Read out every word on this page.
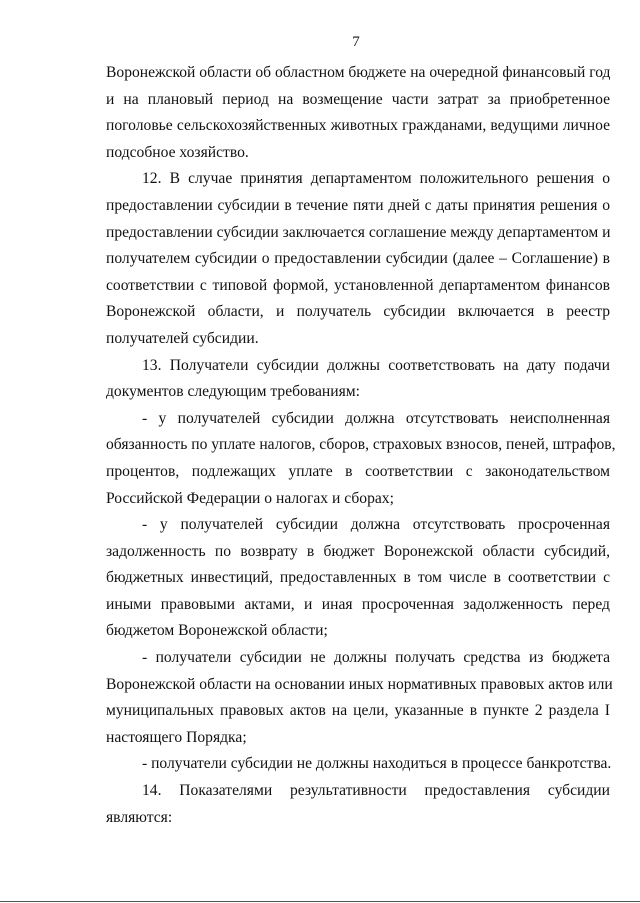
7

Воронежской области об областном бюджете на очередной финансовый год
и на плановый период на возмещение части затрат за приобретенное
поголовье сельскохозяйственных животных гражданами, ведущими личное
подсобное хозяйство.

12. В случае принятия департаментом положительного решения о
предоставлении субсидии в течение пяти дней с даты принятия решения о
предоставлении субсидии заключается соглашение между департаментом и
получателем субсидии о предоставлении субсидии (далее – Соглашение) в
соответствии с типовой формой, установленной департаментом финансов
Воронежской области, и получатель субсидии включается в реестр
получателей субсидии.

13. Получатели субсидии должны соответствовать на дату подачи
документов следующим требованиям:

- у получателей субсидии должна отсутствовать неисполненная
обязанность по уплате налогов, сборов, страховых взносов, пеней, штрафов,
процентов, подлежащих уплате в соответствии с законодательством
Российской Федерации о налогах и сборах;

- у получателей субсидии должна отсутствовать просроченная
задолженность по возврату в бюджет Воронежской области субсидий,
бюджетных инвестиций, предоставленных в том числе в соответствии с
иными правовыми актами, и иная просроченная задолженность перед
бюджетом Воронежской области;

- получатели субсидии не должны получать средства из бюджета
Воронежской области на основании иных нормативных правовых актов или
муниципальных правовых актов на цели, указанные в пункте 2 раздела I
настоящего Порядка;

- получатели субсидии не должны находиться в процессе банкротства.

14. Показателями результативности предоставления субсидии
являются:
